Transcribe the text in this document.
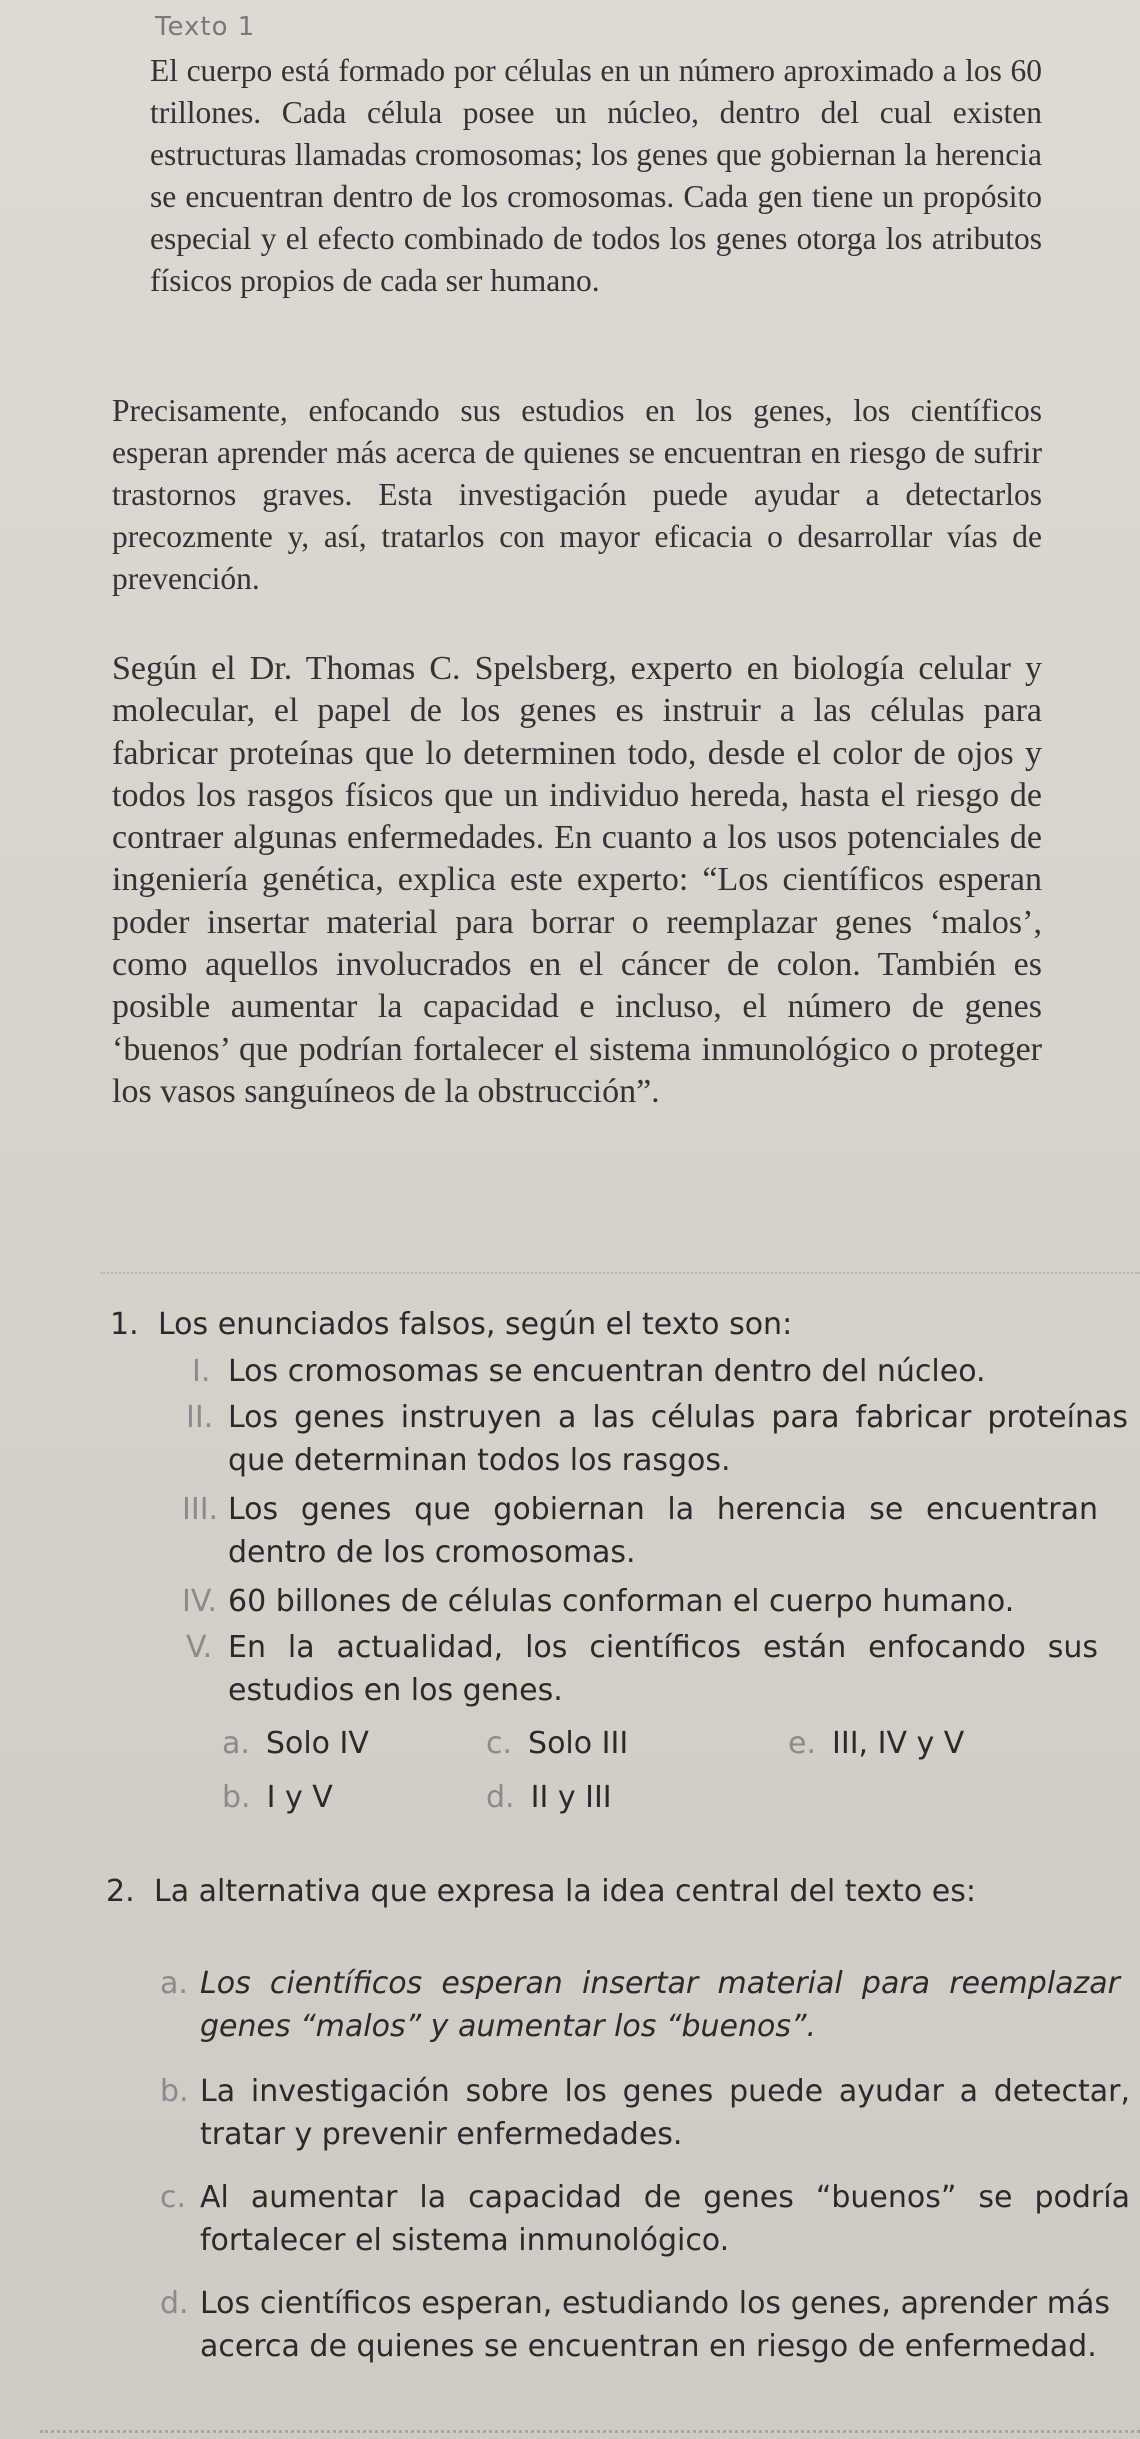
Texto 1

El cuerpo está formado por células en un número aproximado a los 60 trillones. Cada célula posee un núcleo, dentro del cual existen estructuras llamadas cromosomas; los genes que gobiernan la herencia se encuentran dentro de los cromosomas. Cada gen tiene un propósito especial y el efecto combinado de todos los genes otorga los atributos físicos propios de cada ser humano.

Precisamente, enfocando sus estudios en los genes, los científicos esperan aprender más acerca de quienes se encuentran en riesgo de sufrir trastornos graves. Esta investigación puede ayudar a detectarlos precozmente y, así, tratarlos con mayor eficacia o desarrollar vías de prevención.

Según el Dr. Thomas C. Spelsberg, experto en biología celular y molecular, el papel de los genes es instruir a las células para fabricar proteínas que lo determinen todo, desde el color de ojos y todos los rasgos físicos que un individuo hereda, hasta el riesgo de contraer algunas enfermedades. En cuanto a los usos potenciales de ingeniería genética, explica este experto: “Los científicos esperan poder insertar material para borrar o reemplazar genes ‘malos’, como aquellos involucrados en el cáncer de colon. También es posible aumentar la capacidad e incluso, el número de genes ‘buenos’ que podrían fortalecer el sistema inmunológico o proteger los vasos sanguíneos de la obstrucción”.

1. Los enunciados falsos, según el texto son:
I. Los cromosomas se encuentran dentro del núcleo.
II. Los genes instruyen a las células para fabricar proteínas que determinan todos los rasgos.
III. Los genes que gobiernan la herencia se encuentran dentro de los cromosomas.
IV. 60 billones de células conforman el cuerpo humano.
V. En la actualidad, los científicos están enfocando sus estudios en los genes.
a. Solo IV
b. I y V
c. Solo III
d. II y III
e. III, IV y V
2. La alternativa que expresa la idea central del texto es:
a. Los científicos esperan insertar material para reemplazar genes “malos” y aumentar los “buenos”.
b. La investigación sobre los genes puede ayudar a detectar, tratar y prevenir enfermedades.
c. Al aumentar la capacidad de genes “buenos” se podría fortalecer el sistema inmunológico.
d. Los científicos esperan, estudiando los genes, aprender más acerca de quienes se encuentran en riesgo de enfermedad.
